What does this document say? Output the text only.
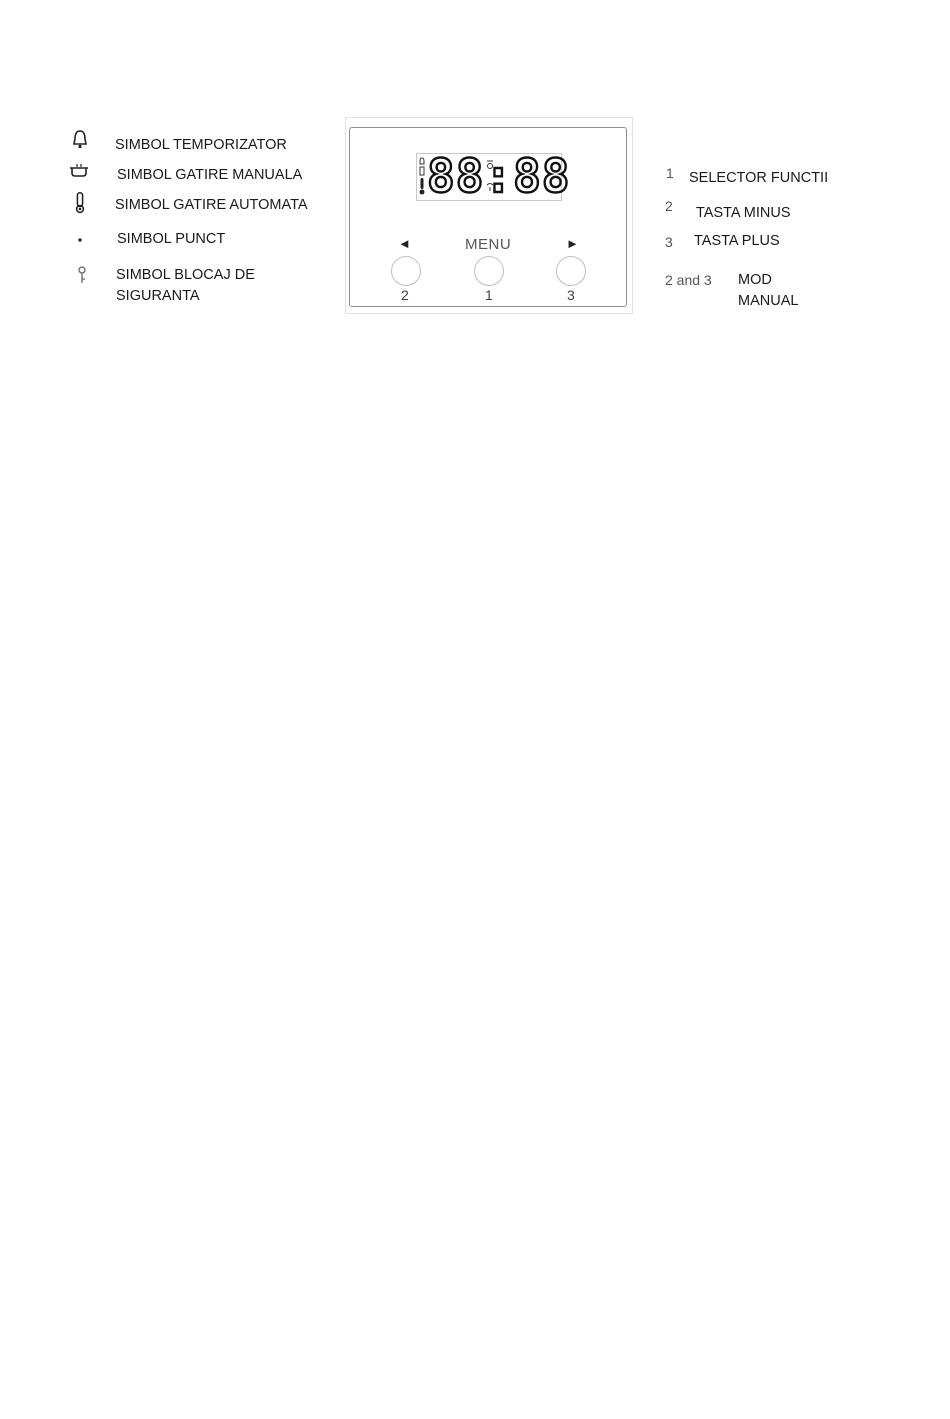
SIMBOL TEMPORIZATOR
SIMBOL GATIRE MANUALA
SIMBOL GATIRE AUTOMATA
SIMBOL PUNCT
SIMBOL BLOCAJ DE
SIGURANTA
88:88
◄	MENU	►
2	1	3
1 SELECTOR FUNCTII
2 TASTA MINUS
3 TASTA PLUS
2 and 3 MOD
MANUAL
